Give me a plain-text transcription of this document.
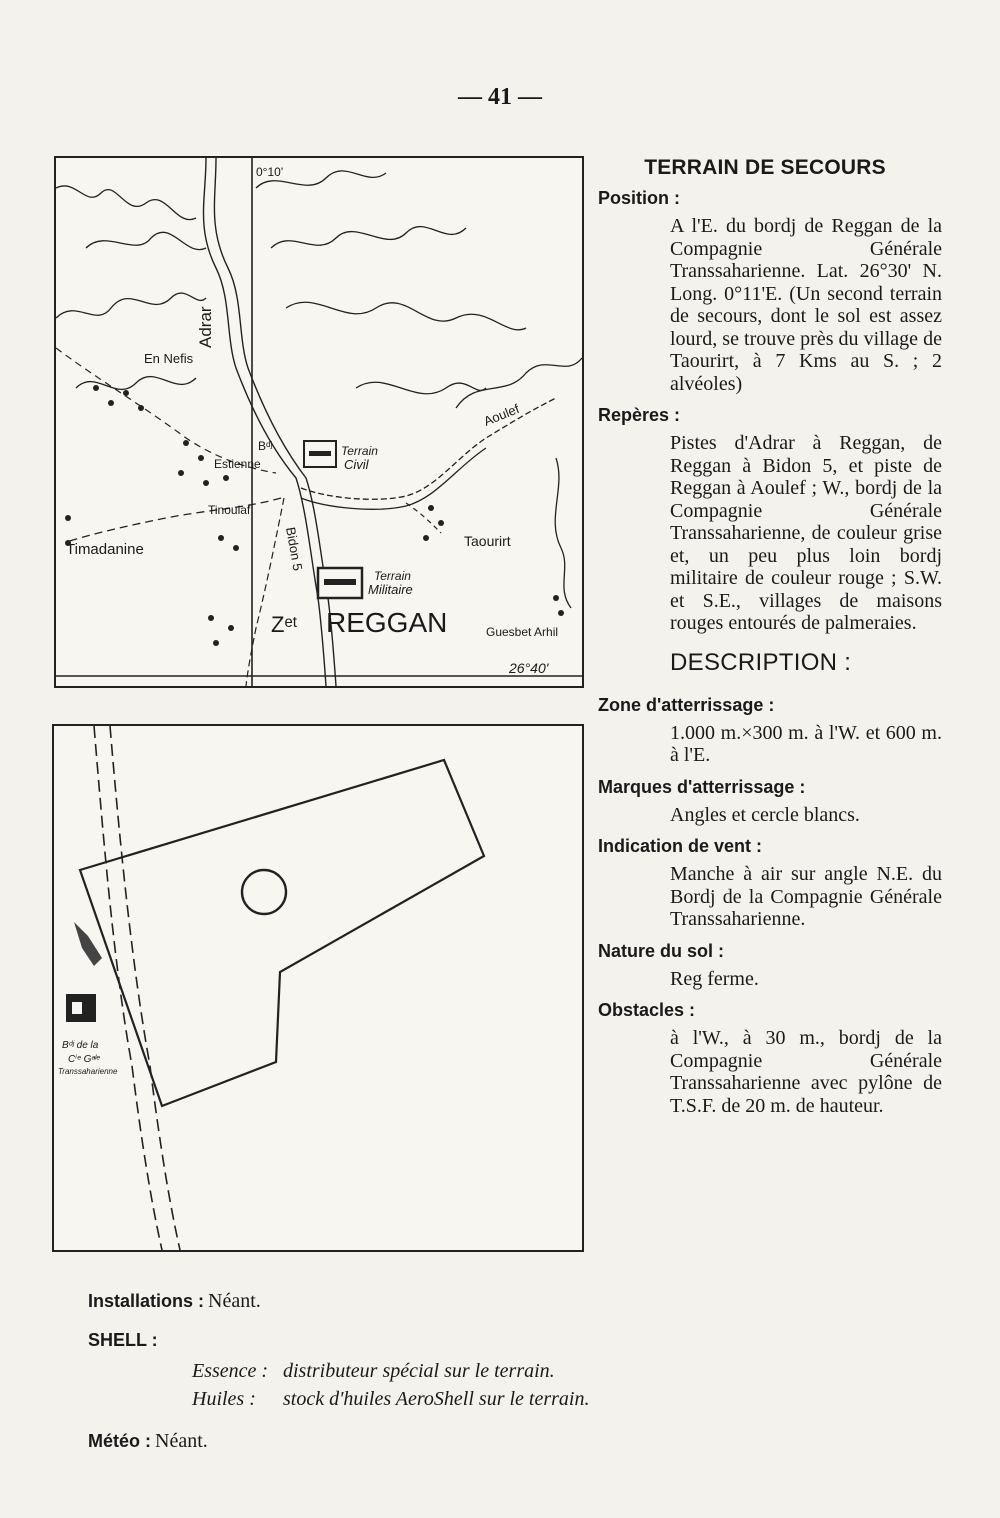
— 41 —
0°10'
26°40'
Adrar
En Nefis
Bᵈʲ
Estienne
Tinoulaf
Timadanine	Bidon 5
Aoulef
Taourirt
Zᵉᵗ REGGAN	Guesbet Arhil
Terrain
Civil
Terrain
Militaire
Bᵈʲ de la
Cⁱᵉ Gᵃˡᵉ
Transsaharienne
TERRAIN DE SECOURS
Position :
A l'E. du bordj de Reggan de la Compagnie Générale Transsaharienne. Lat. 26°30' N. Long. 0°11'E. (Un second terrain de secours, dont le sol est assez lourd, se trouve près du village de Taourirt, à 7 Kms au S. ; 2 alvéoles)
Repères :
Pistes d'Adrar à Reggan, de Reggan à Bidon 5, et piste de Reggan à Aoulef ; W., bordj de la Compagnie Générale Transsaharienne, de couleur grise et, un peu plus loin bordj militaire de couleur rouge ; S.W. et S.E., villages de maisons rouges entourés de palmeraies.
DESCRIPTION :
Zone d'atterrissage :
1.000 m.×300 m. à l'W. et 600 m. à l'E.
Marques d'atterrissage :
Angles et cercle blancs.
Indication de vent :
Manche à air sur angle N.E. du Bordj de la Compagnie Générale Transsaharienne.
Nature du sol :
Reg ferme.
Obstacles :
à l'W., à 30 m., bordj de la Compagnie Générale Transsaharienne avec pylône de T.S.F. de 20 m. de hauteur.
Installations : Néant.
SHELL :
Essence : distributeur spécial sur le terrain.
Huiles : stock d'huiles AeroShell sur le terrain.
Météo : Néant.
